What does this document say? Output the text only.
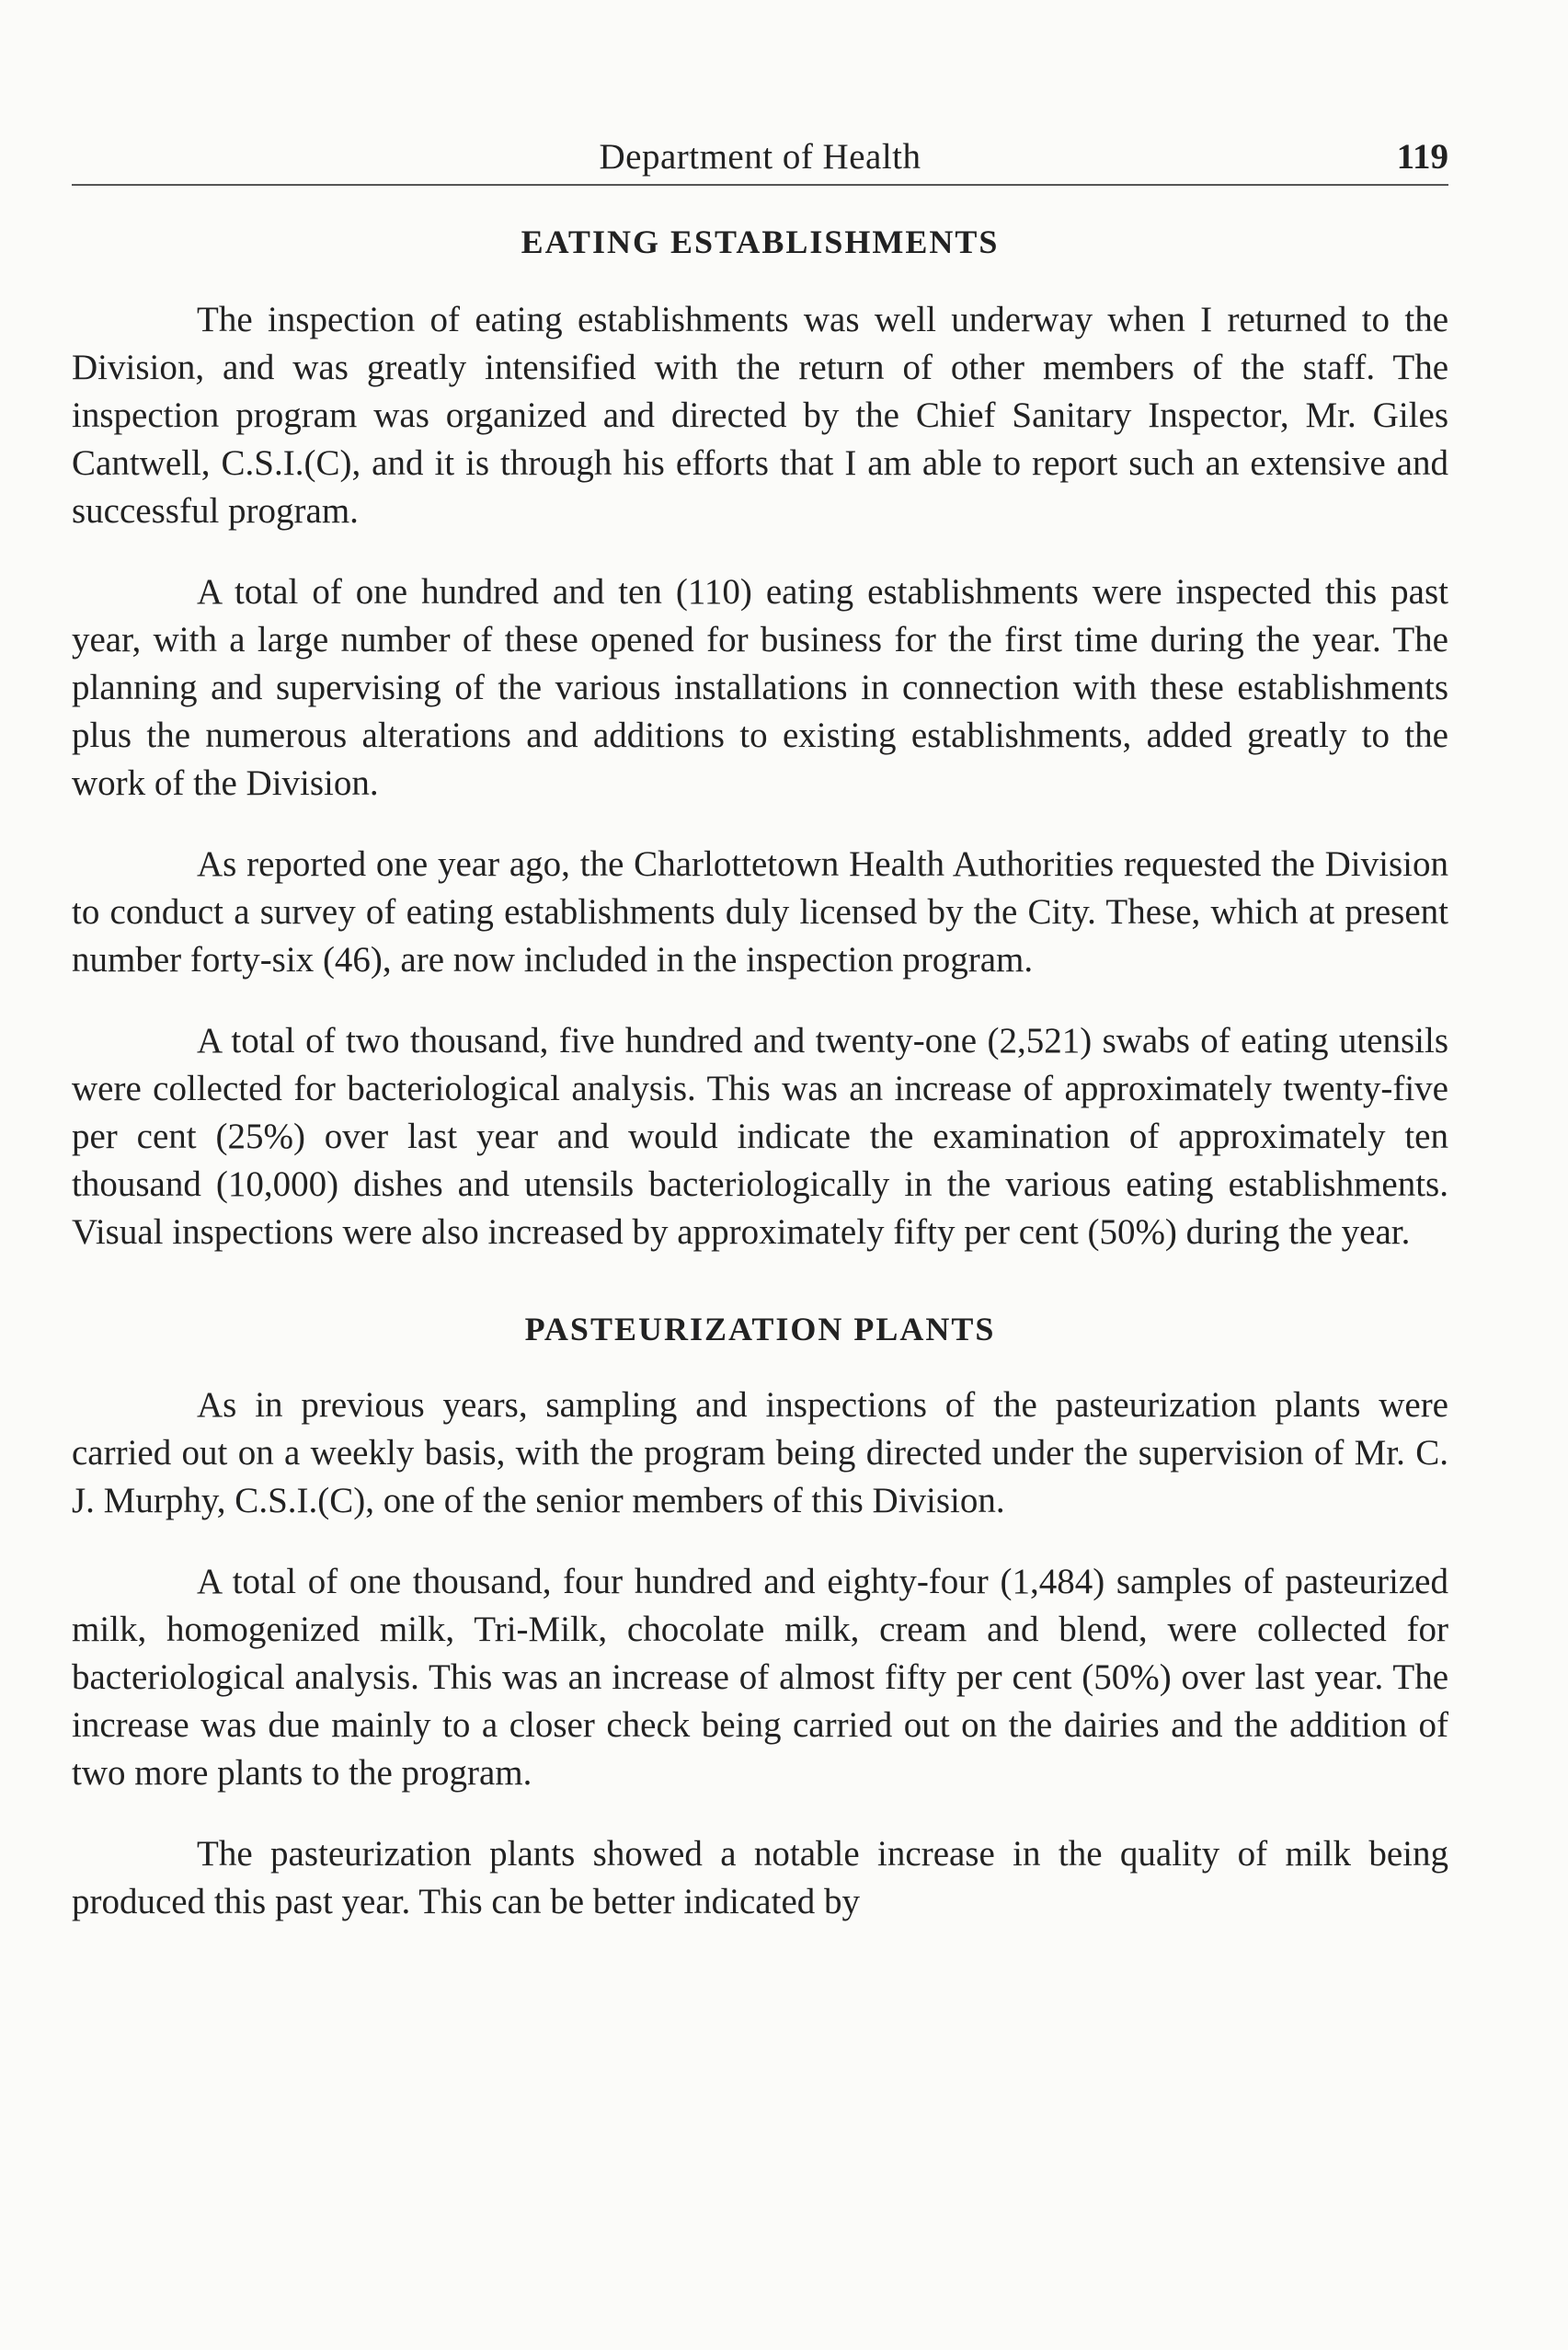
Department of Health	119
EATING ESTABLISHMENTS

The inspection of eating establishments was well underway when I returned to the Division, and was greatly intensified with the return of other members of the staff. The inspection program was organized and directed by the Chief Sanitary Inspector, Mr. Giles Cantwell, C.S.I.(C), and it is through his efforts that I am able to report such an extensive and successful program.

A total of one hundred and ten (110) eating establishments were inspected this past year, with a large number of these opened for business for the first time during the year. The planning and supervising of the various installations in connection with these establishments plus the numerous alterations and additions to existing establishments, added greatly to the work of the Division.

As reported one year ago, the Charlottetown Health Authorities requested the Division to conduct a survey of eating establishments duly licensed by the City. These, which at present number forty-six (46), are now included in the inspection program.

A total of two thousand, five hundred and twenty-one (2,521) swabs of eating utensils were collected for bacteriological analysis. This was an increase of approximately twenty-five per cent (25%) over last year and would indicate the examination of approximately ten thousand (10,000) dishes and utensils bacteriologically in the various eating establishments. Visual inspections were also increased by approximately fifty per cent (50%) during the year.

PASTEURIZATION PLANTS

As in previous years, sampling and inspections of the pasteurization plants were carried out on a weekly basis, with the program being directed under the supervision of Mr. C. J. Murphy, C.S.I.(C), one of the senior members of this Division.

A total of one thousand, four hundred and eighty-four (1,484) samples of pasteurized milk, homogenized milk, Tri-Milk, chocolate milk, cream and blend, were collected for bacteriological analysis. This was an increase of almost fifty per cent (50%) over last year. The increase was due mainly to a closer check being carried out on the dairies and the addition of two more plants to the program.

The pasteurization plants showed a notable increase in the quality of milk being produced this past year. This can be better indicated by
